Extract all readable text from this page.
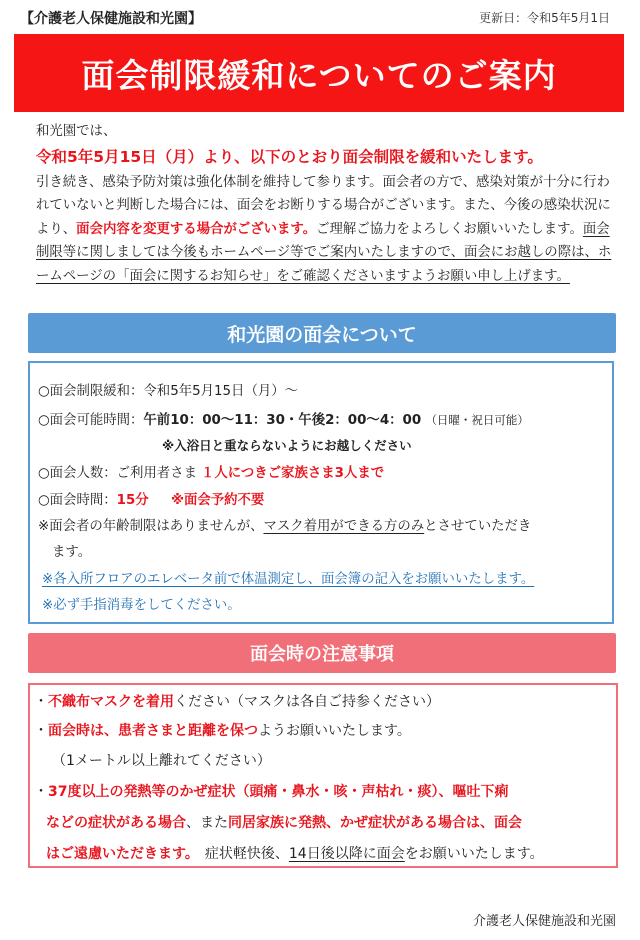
【介護老人保健施設和光園】	更新日：令和5年5月1日
面会制限緩和についてのご案内
和光園では、
令和5年5月15日（月）より、以下のとおり面会制限を緩和いたします。
引き続き、感染予防対策は強化体制を維持して参ります。面会者の方で、感染対策が十分に行われていないと判断した場合には、面会をお断りする場合がございます。また、今後の感染状況により、面会内容を変更する場合がございます。ご理解ご協力をよろしくお願いいたします。面会制限等に関しましては今後もホームページ等でご案内いたしますので、面会にお越しの際は、ホームページの「面会に関するお知らせ」をご確認くださいますようお願い申し上げます。
和光園の面会について
○面会制限緩和：令和5年5月15日（月）～
○面会可能時間：午前10：00～11：30・午後2：00～4：00 （日曜・祝日可能）
※入浴日と重ならないようにお越しください
○面会人数：ご利用者さま １人につきご家族さま3人まで
○面会時間：15分 ※面会予約不要
※面会者の年齢制限はありませんが、マスク着用ができる方のみとさせていただき
ます。
※各入所フロアのエレベータ前で体温測定し、面会簿の記入をお願いいたします。
※必ず手指消毒をしてください。
面会時の注意事項
・不織布マスクを着用ください（マスクは各自ご持参ください）
・面会時は、患者さまと距離を保つようお願いいたします。
（1メートル以上離れてください）
・37度以上の発熱等のかぜ症状（頭痛・鼻水・咳・声枯れ・痰）、嘔吐下痢
などの症状がある場合、また同居家族に発熱、かぜ症状がある場合は、面会
はご遠慮いただきます。 症状軽快後、14日後以降に面会をお願いいたします。
介護老人保健施設和光園
